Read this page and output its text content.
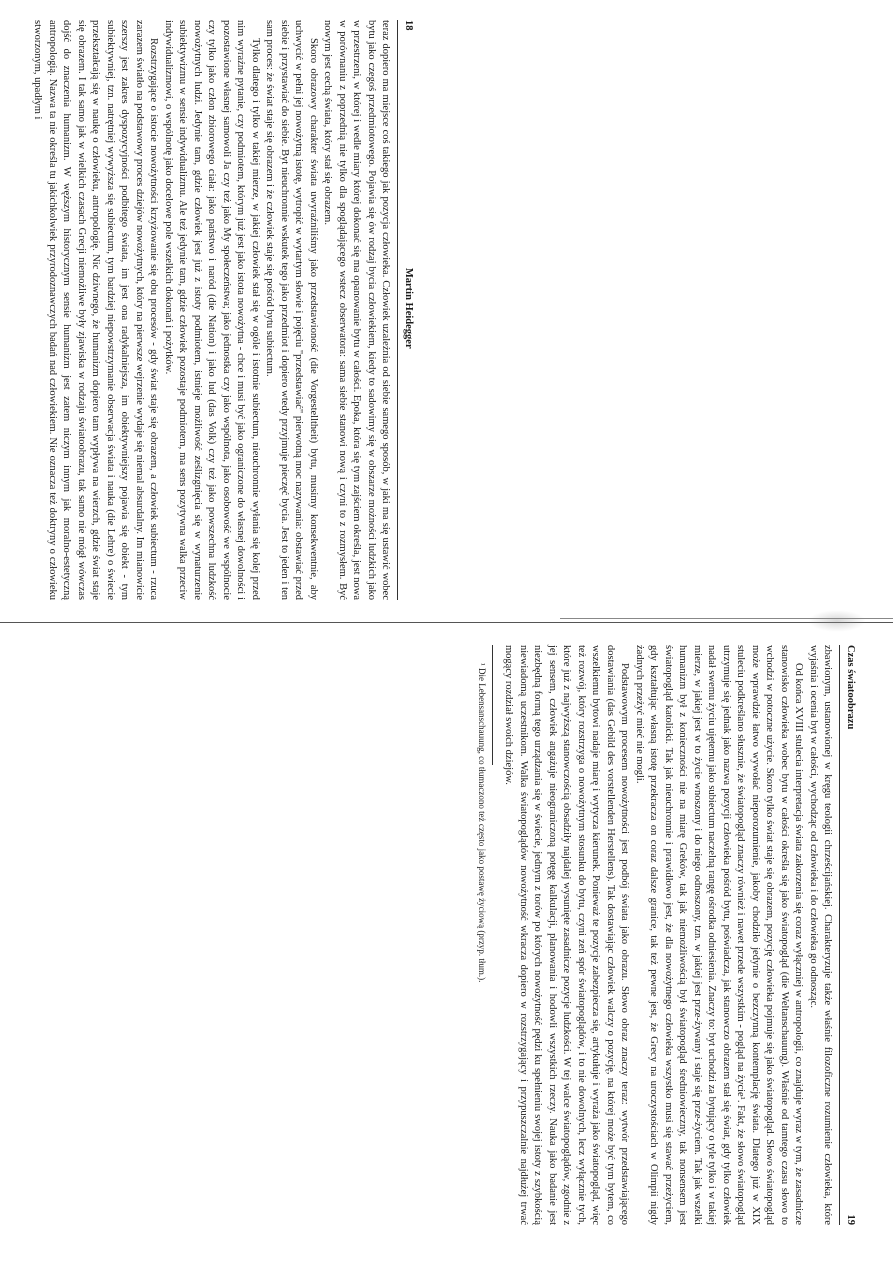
18
Martin Heidegger

teraz dopiero ma miejsce coś takiego jak pozycja człowieka. Człowiek uzależnia od siebie samego sposób, w jaki ma się ustawić wobec bytu jako czegoś przedmiotowego. Pojawia się ów rodzaj bycia człowiekiem, kiedy to sadowimy się w obszarze możności ludzkich jako w przestrzeni, w której i wedle miary której dokonać się ma opanowanie bytu w całości. Epoka, która się tym zajściem określa, jest nowa w porównaniu z poprzednią nie tylko dla spoglądającego wstecz obserwatora: sama siebie stanowi nową i czyni to z rozmysłem. Być nowym jest cechą świata, który stał się obrazem.

Skoro obrazowy charakter świata uwyraźniliśmy jako przedstawioność (die Vorgestelltheit) bytu, musimy konsekwentnie, aby uchwycić w pełni jej nowożytną istotę, wytropić w wytartym słowie i pojęciu "przedstawiać" pierwotną moc nazywania: obstawiać przed siebie i przystawiać do siebie. Byt nieuchronnie wskutek tego jako przedmiot i dopiero wtedy przyjmuje pieczęć bycia. Jest to jeden i ten sam proces: że świat staje się obrazem i że człowiek staje się pośród bytu subiectum.

Tylko dlatego i tylko w takiej mierze, w jakiej człowiek stał się w ogóle i istotnie subiectum, nieuchronnie wyłania się kolej przed nim wyraźne pytanie, czy podmiotem, którym już jest jako istota nowożytna - chce i musi być jako ograniczone do własnej dowolności i pozostawione własnej samowoli Ja czy też jako My społeczeństwa; jako jednostka czy jako wspólnota, jako osobowość we wspólnocie czy tylko jako człon zbiorowego ciała: jako państwo i naród (die Nation) i jako lud (das Volk) czy też jako powszechna ludzkość nowożytnych ludzi. Jedynie tam, gdzie człowiek jest już z istoty podmiotem, istnieje możliwość ześlizgnięcia się w wynaturzenie subiektywizmu w sensie indywidualizmu. Ale też jedynie tam, gdzie człowiek pozostaje podmiotem, ma sens pozytywna walka przeciw indywidualizmowi, o wspólnotę jako docelowe pole wszelkich dokonań i pożytków.

Rozstrzygające o istocie nowożytności krzyżowanie się obu procesów - gdy świat staje się obrazem, a człowiek subiectum - rzuca zarazem światło na podstawowy proces dziejów nowożytnych, który na pierwsze wejrzenie wydaje się niemal absurdalny. Im mianowicie szerszy jest zakres dyspozycyjności podbitego świata, im jest ona radykalniejsza, im obiektywniejszy pojawia się obiekt - tym subiektywniej, tzn. natrętniej wywyższa się subiectum, tym bardziej niepowstrzymanie obserwacja świata i nauka (die Lehre) o świecie przekształcają się w naukę o człowieku, antropologię. Nic dziwnego, że humanizm dopiero tam wypływa na wierzch, gdzie świat staje się obrazem. I tak samo jak w wielkich czasach Grecji niemożliwe były zjawiska w rodzaju światoobrazu, tak samo nie mógł wówczas dojść do znaczenia humanizm. W węższym historycznym sensie humanizm jest zatem niczym innym jak moralno-estetyczną antropologią. Nazwa ta nie określa tu jakichkolwiek przyrodoznawczych badań nad człowiekiem. Nie oznacza też doktryny o człowieku stworzonym, upadłym i

Czas światoobrazu
19

zbawionym, ustanowionej w kręgu teologii chrześcijańskiej. Charakteryzuje także właśnie filozoficzne rozumienie człowieka, które wyjaśnia i ocenia byt w całości, wychodząc od człowieka i do człowieka go odnosząc.

Od końca XVIII stulecia interpretacja świata zakorzenia się coraz wyłączniej w antropologii, co znajduje wyraz w tym, że zasadnicze stanowisko człowieka wobec bytu w całości określa się jako światopogląd (die Weltanschauung). Właśnie od tamtego czasu słowo to wchodzi w potoczne użycie. Skoro tylko świat staje się obrazem, pozycję człowieka pojmuje się jako światopogląd. Słowo światopogląd może wprawdzie łatwo wywołać nieporozumienie, jakoby chodziło jedynie o bezczynną kontemplację świata. Dlatego już w XIX stuleciu podkreślano słusznie, że światopogląd znaczy również i nawet przede wszystkim - pogląd na życie¹. Fakt, że słowo światopogląd utrzymuje się jednak jako nazwa pozycji człowieka pośród bytu, poświadcza, jak stanowczo obrazem stał się świat, gdy tylko człowiek nadał swemu życiu ujętemu jako subiectum naczelną rangę ośrodka odniesienia. Znaczy to: byt uchodzi za bytujący o tyle tylko i w takiej mierze, w jakiej jest w to życie wnoszony i do niego odnoszony, tzn. w jakiej jest prze-żywany i staje się prze-życiem. Tak jak wszelki humanizm był z konieczności nie na miarę Greków, tak jak niemożliwością był światopogląd średniowieczny, tak nonsensem jest światopogląd katolicki. Tak jak nieuchronnie i prawidłowo jest, że dla nowożytnego człowieka wszystko musi się stawać przeżyciem, gdy kształtując własną istotę przekracza on coraz dalsze granice, tak też pewne jest, że Grecy na uroczystościach w Olimpii nigdy żadnych przeżyć mieć nie mogli.

Podstawowym procesem nowożytności jest podbój świata jako obrazu. Słowo obraz znaczy teraz: wytwór przedstawiającego dostawiania (das Gebild des vorstellenden Herstellens). Tak dostawiając człowiek walczy o pozycję, na której może być tym bytem, co wszelkiemu bytowi nadaje miarę i wytycza kierunek. Ponieważ te pozycje zabezpiecza się, artykułuje i wyraża jako światopogląd, więc też rozwój, który rozstrzyga o nowożytnym stosunku do bytu, czyni zeń spór światopoglądów, i to nie dowolnych, lecz wyłącznie tych, które już z najwyższą stanowczością obsadziły najdalej wysunięte zasadnicze pozycje ludzkości. W tej walce światopoglądów, zgodnie z jej sensem, człowiek angażuje nieograniczoną potęgę kalkulacji, planowania i hodowli wszystkich rzeczy. Nauka jako badanie jest niezbędną formą tego urządzania się w świecie, jednym z torów po których nowożytność pędzi ku spełnieniu swojej istoty z szybkością niewiadomą uczestnikom. Walka światopoglądów nowożytność wkracza dopiero w rozstrzygający i przypuszczalnie najdłużej trwać mogący rozdział swoich dziejów.

¹ Die Lebensanschauung, co tłumaczono też często jako postawę życiową (przyp. tłum.).
